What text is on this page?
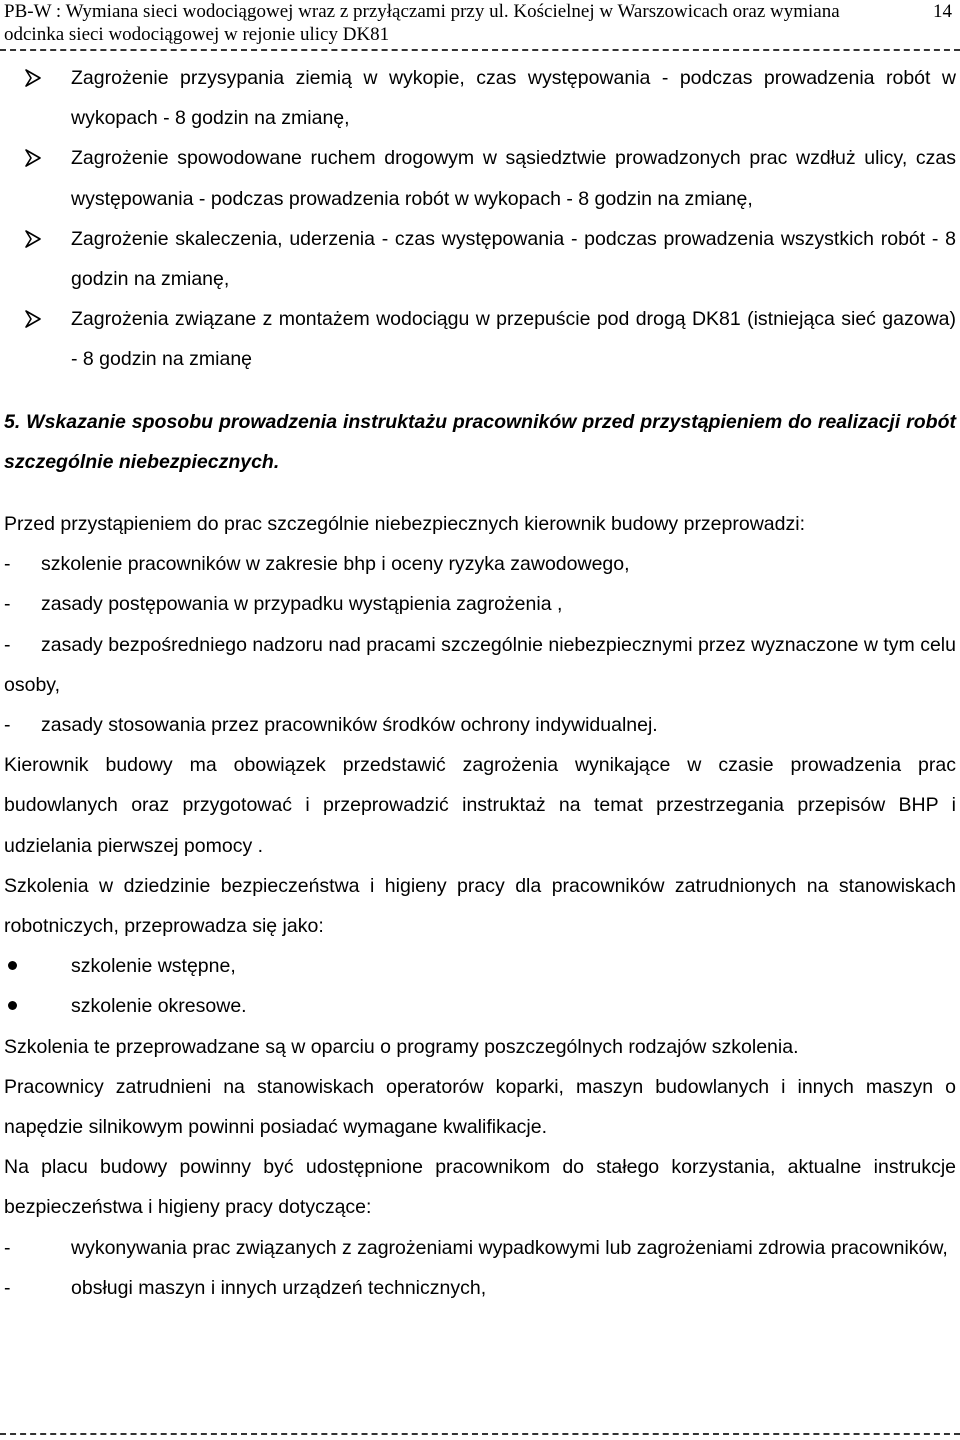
PB-W : Wymiana sieci wodociągowej wraz z przyłączami przy ul. Kościelnej w Warszowicach oraz wymiana
odcinka sieci wodociągowej w rejonie ulicy DK81
14
Zagrożenie przysypania ziemią w wykopie, czas występowania - podczas prowadzenia robót w wykopach - 8 godzin na zmianę,
Zagrożenie spowodowane ruchem drogowym w sąsiedztwie prowadzonych prac wzdłuż ulicy, czas występowania - podczas prowadzenia robót w wykopach - 8 godzin na zmianę,
Zagrożenie skaleczenia, uderzenia - czas występowania - podczas prowadzenia wszystkich robót - 8 godzin na zmianę,
Zagrożenia związane z montażem wodociągu w przepuście pod drogą DK81 (istniejąca sieć gazowa) - 8 godzin na zmianę
5. Wskazanie sposobu prowadzenia instruktażu pracowników przed przystąpieniem do realizacji robót szczególnie niebezpiecznych.
Przed przystąpieniem do prac szczególnie niebezpiecznych kierownik budowy przeprowadzi:
- szkolenie pracowników w zakresie bhp i oceny ryzyka zawodowego,
- zasady postępowania w przypadku wystąpienia zagrożenia ,
- zasady bezpośredniego nadzoru nad pracami szczególnie niebezpiecznymi przez wyznaczone w tym celu osoby,
- zasady stosowania przez pracowników środków ochrony indywidualnej.
Kierownik budowy ma obowiązek przedstawić zagrożenia wynikające w czasie prowadzenia prac budowlanych oraz przygotować i przeprowadzić instruktaż na temat przestrzegania przepisów BHP i udzielania pierwszej pomocy .
Szkolenia w dziedzinie bezpieczeństwa i higieny pracy dla pracowników zatrudnionych na stanowiskach robotniczych, przeprowadza się jako:
szkolenie wstępne,
szkolenie okresowe.
Szkolenia te przeprowadzane są w oparciu o programy poszczególnych rodzajów szkolenia.
Pracownicy zatrudnieni na stanowiskach operatorów koparki, maszyn budowlanych i innych maszyn o napędzie silnikowym powinni posiadać wymagane kwalifikacje.
Na placu budowy powinny być udostępnione pracownikom do stałego korzystania, aktualne instrukcje bezpieczeństwa i higieny pracy dotyczące:
-	wykonywania prac związanych z zagrożeniami wypadkowymi lub zagrożeniami zdrowia pracowników,
-	obsługi maszyn i innych urządzeń technicznych,
